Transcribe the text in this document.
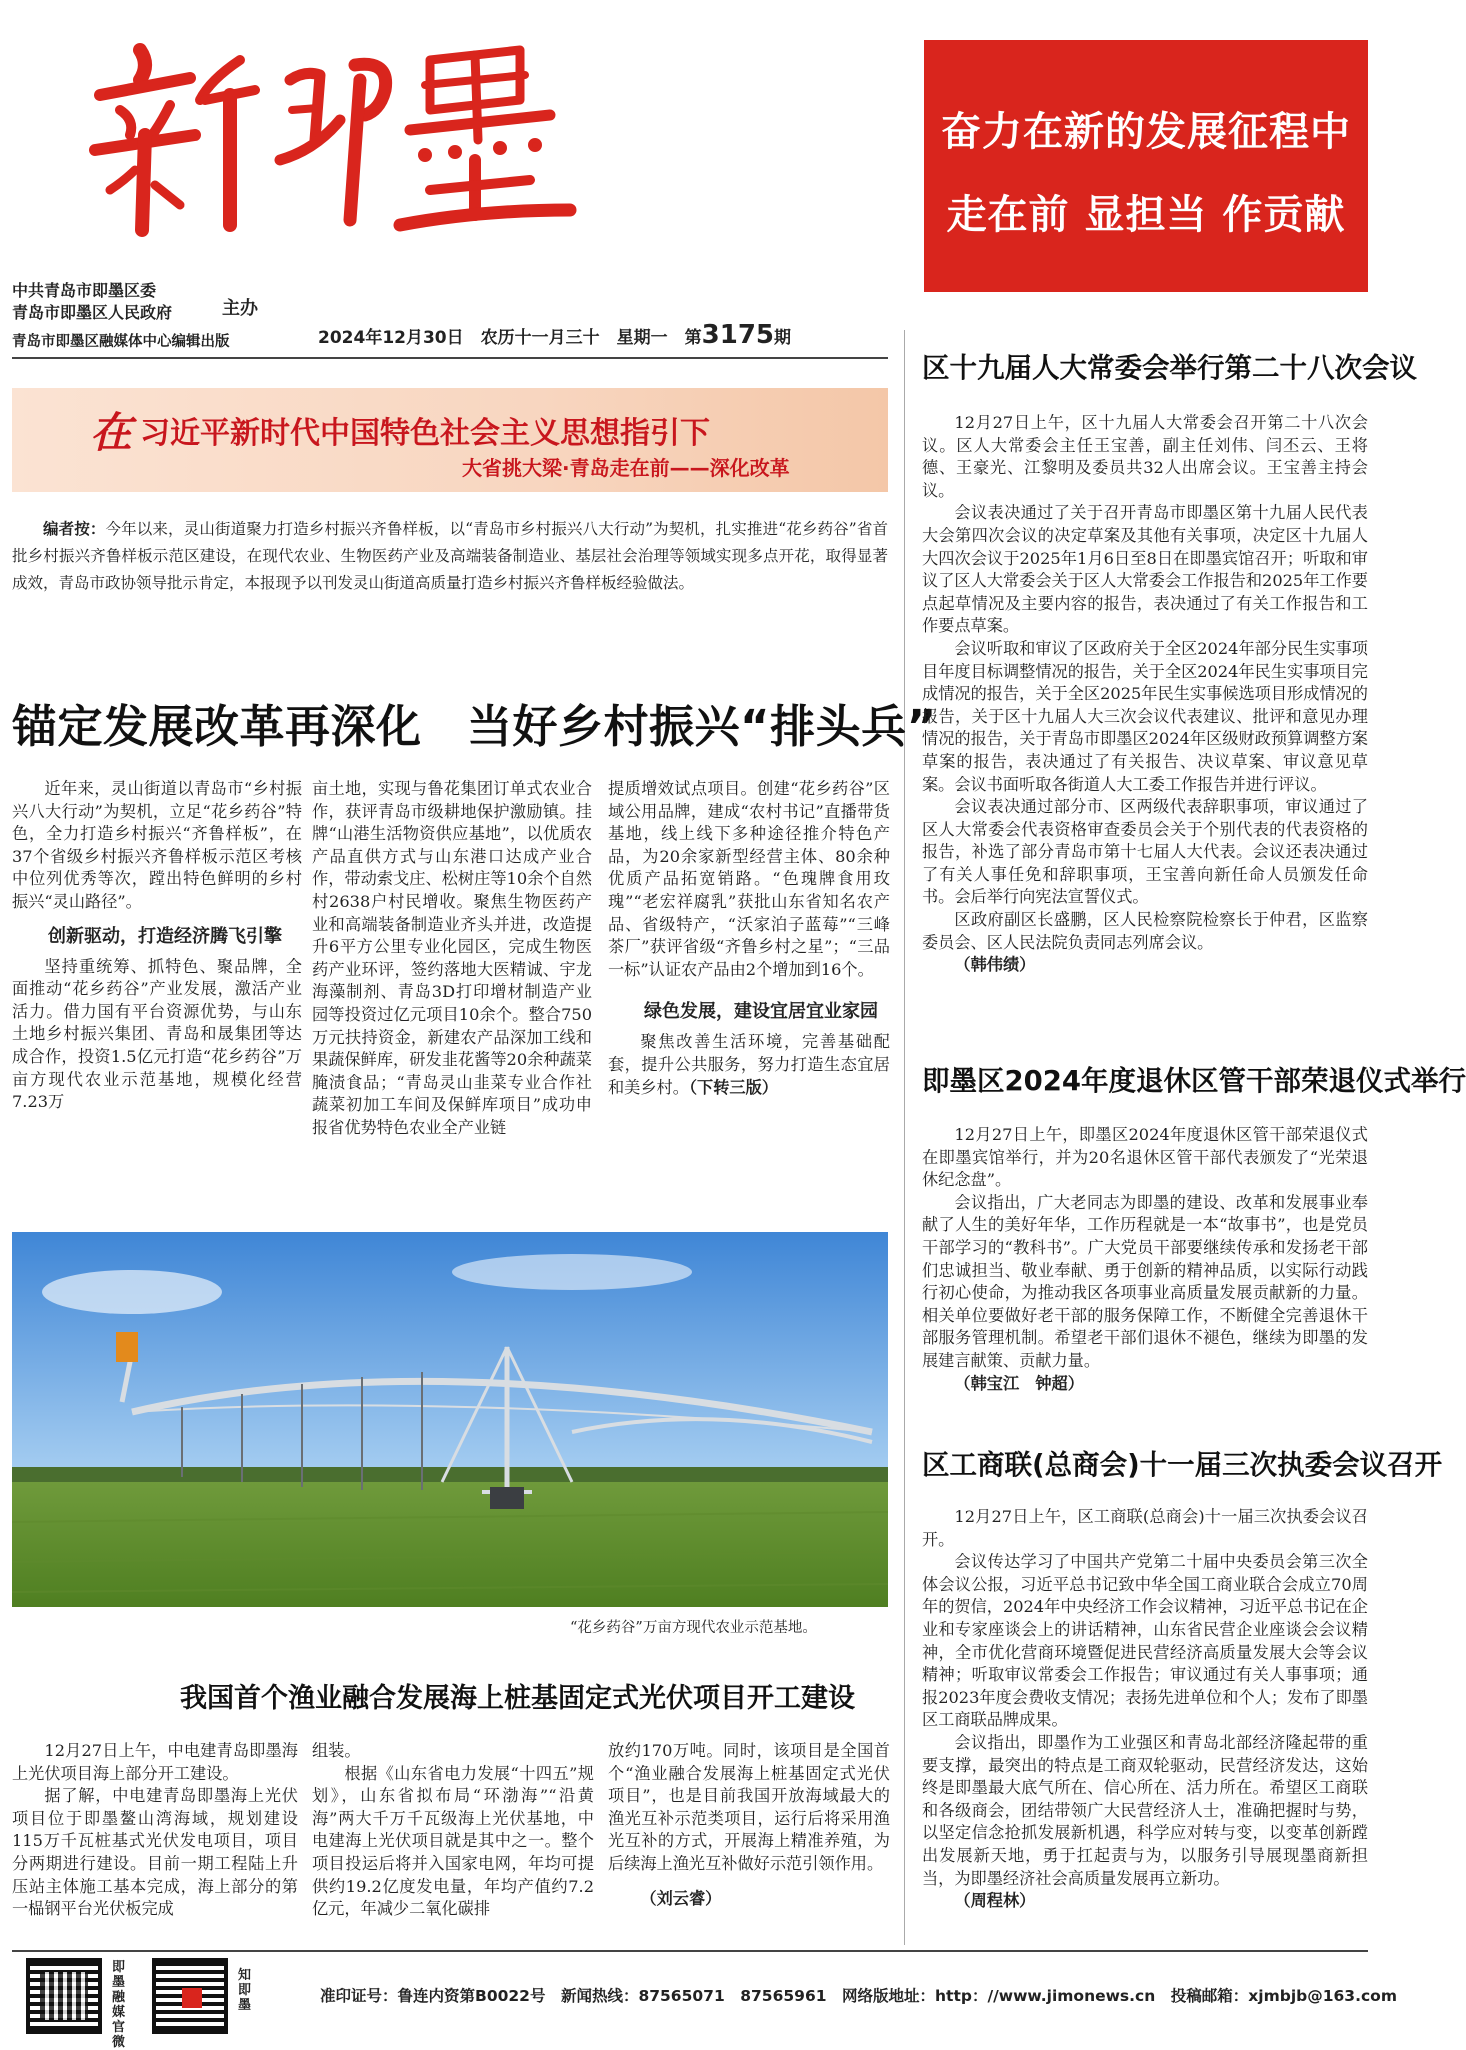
中共青岛市即墨区委
青岛市即墨区人民政府	主办
青岛市即墨区融媒体中心编辑出版	2024年12月30日　农历十一月三十　星期一　第3175期
奋力在新的发展征程中
走在前 显担当 作贡献
在 习近平新时代中国特色社会主义思想指引下
大省挑大梁·青岛走在前——深化改革
编者按：今年以来，灵山街道聚力打造乡村振兴齐鲁样板，以“青岛市乡村振兴八大行动”为契机，扎实推进“花乡药谷”省首批乡村振兴齐鲁样板示范区建设，在现代农业、生物医药产业及高端装备制造业、基层社会治理等领域实现多点开花，取得显著成效，青岛市政协领导批示肯定，本报现予以刊发灵山街道高质量打造乡村振兴齐鲁样板经验做法。
锚定发展改革再深化　当好乡村振兴“排头兵”

近年来，灵山街道以青岛市“乡村振兴八大行动”为契机，立足“花乡药谷”特色，全力打造乡村振兴“齐鲁样板”，在37个省级乡村振兴齐鲁样板示范区考核中位列优秀等次，蹚出特色鲜明的乡村振兴“灵山路径”。

创新驱动，打造经济腾飞引擎

坚持重统筹、抓特色、聚品牌，全面推动“花乡药谷”产业发展，激活产业活力。借力国有平台资源优势，与山东土地乡村振兴集团、青岛和晟集团等达成合作，投资1.5亿元打造“花乡药谷”万亩方现代农业示范基地，规模化经营7.23万

亩土地，实现与鲁花集团订单式农业合作，获评青岛市级耕地保护激励镇。挂牌“山港生活物资供应基地”，以优质农产品直供方式与山东港口达成产业合作，带动索戈庄、松树庄等10余个自然村2638户村民增收。聚焦生物医药产业和高端装备制造业齐头并进，改造提升6平方公里专业化园区，完成生物医药产业环评，签约落地大医精诚、宇龙海藻制剂、青岛3D打印增材制造产业园等投资过亿元项目10余个。整合750万元扶持资金，新建农产品深加工线和果蔬保鲜库，研发韭花酱等20余种蔬菜腌渍食品；“青岛灵山韭菜专业合作社蔬菜初加工车间及保鲜库项目”成功申报省优势特色农业全产业链

提质增效试点项目。创建“花乡药谷”区域公用品牌，建成“农村书记”直播带货基地，线上线下多种途径推介特色产品，为20余家新型经营主体、80余种优质产品拓宽销路。“色瑰牌食用玫瑰”“老宏祥腐乳”获批山东省知名农产品、省级特产，“沃家泊子蓝莓”“三峰茶厂”获评省级“齐鲁乡村之星”；“三品一标”认证农产品由2个增加到16个。

绿色发展，建设宜居宜业家园

聚焦改善生活环境，完善基础配套，提升公共服务，努力打造生态宜居和美乡村。（下转三版）

“花乡药谷”万亩方现代农业示范基地。
我国首个渔业融合发展海上桩基固定式光伏项目开工建设

12月27日上午，中电建青岛即墨海上光伏项目海上部分开工建设。

据了解，中电建青岛即墨海上光伏项目位于即墨鳌山湾海域，规划建设115万千瓦桩基式光伏发电项目，项目分两期进行建设。目前一期工程陆上升压站主体施工基本完成，海上部分的第一榀钢平台光伏板完成

组装。

根据《山东省电力发展“十四五”规划》，山东省拟布局“环渤海”“沿黄海”两大千万千瓦级海上光伏基地，中电建海上光伏项目就是其中之一。整个项目投运后将并入国家电网，年均可提供约19.2亿度发电量，年均产值约7.2亿元，年减少二氧化碳排

放约170万吨。同时，该项目是全国首个“渔业融合发展海上桩基固定式光伏项目”，也是目前我国开放海域最大的渔光互补示范类项目，运行后将采用渔光互补的方式，开展海上精准养殖，为后续海上渔光互补做好示范引领作用。

（刘云睿）

区十九届人大常委会举行第二十八次会议

12月27日上午，区十九届人大常委会召开第二十八次会议。区人大常委会主任王宝善，副主任刘伟、闫丕云、王将德、王豪光、江黎明及委员共32人出席会议。王宝善主持会议。

会议表决通过了关于召开青岛市即墨区第十九届人民代表大会第四次会议的决定草案及其他有关事项，决定区十九届人大四次会议于2025年1月6日至8日在即墨宾馆召开；听取和审议了区人大常委会关于区人大常委会工作报告和2025年工作要点起草情况及主要内容的报告，表决通过了有关工作报告和工作要点草案。

会议听取和审议了区政府关于全区2024年部分民生实事项目年度目标调整情况的报告，关于全区2024年民生实事项目完成情况的报告，关于全区2025年民生实事候选项目形成情况的报告，关于区十九届人大三次会议代表建议、批评和意见办理情况的报告，关于青岛市即墨区2024年区级财政预算调整方案草案的报告，表决通过了有关报告、决议草案、审议意见草案。会议书面听取各街道人大工委工作报告并进行评议。

会议表决通过部分市、区两级代表辞职事项，审议通过了区人大常委会代表资格审查委员会关于个别代表的代表资格的报告，补选了部分青岛市第十七届人大代表。会议还表决通过了有关人事任免和辞职事项，王宝善向新任命人员颁发任命书。会后举行向宪法宣誓仪式。

区政府副区长盛鹏，区人民检察院检察长于仲君，区监察委员会、区人民法院负责同志列席会议。

（韩伟绩）

即墨区2024年度退休区管干部荣退仪式举行

12月27日上午，即墨区2024年度退休区管干部荣退仪式在即墨宾馆举行，并为20名退休区管干部代表颁发了“光荣退休纪念盘”。

会议指出，广大老同志为即墨的建设、改革和发展事业奉献了人生的美好年华，工作历程就是一本“故事书”，也是党员干部学习的“教科书”。广大党员干部要继续传承和发扬老干部们忠诚担当、敬业奉献、勇于创新的精神品质，以实际行动践行初心使命，为推动我区各项事业高质量发展贡献新的力量。相关单位要做好老干部的服务保障工作，不断健全完善退休干部服务管理机制。希望老干部们退休不褪色，继续为即墨的发展建言献策、贡献力量。

（韩宝江　钟超）

区工商联(总商会)十一届三次执委会议召开

12月27日上午，区工商联(总商会)十一届三次执委会议召开。

会议传达学习了中国共产党第二十届中央委员会第三次全体会议公报，习近平总书记致中华全国工商业联合会成立70周年的贺信，2024年中央经济工作会议精神，习近平总书记在企业和专家座谈会上的讲话精神，山东省民营企业座谈会会议精神，全市优化营商环境暨促进民营经济高质量发展大会等会议精神；听取审议常委会工作报告；审议通过有关人事事项；通报2023年度会费收支情况；表扬先进单位和个人；发布了即墨区工商联品牌成果。

会议指出，即墨作为工业强区和青岛北部经济隆起带的重要支撑，最突出的特点是工商双轮驱动，民营经济发达，这始终是即墨最大底气所在、信心所在、活力所在。希望区工商联和各级商会，团结带领广大民营经济人士，准确把握时与势，以坚定信念抢抓发展新机遇，科学应对转与变，以变革创新蹚出发展新天地，勇于扛起责与为，以服务引导展现墨商新担当，为即墨经济社会高质量发展再立新功。

（周程林）

即墨融媒官微
知即墨
准印证号：鲁连内资第B0022号　新闻热线：87565071　87565961　网络版地址：http：//www.jimonews.cn　投稿邮箱：xjmbjb@163.com
